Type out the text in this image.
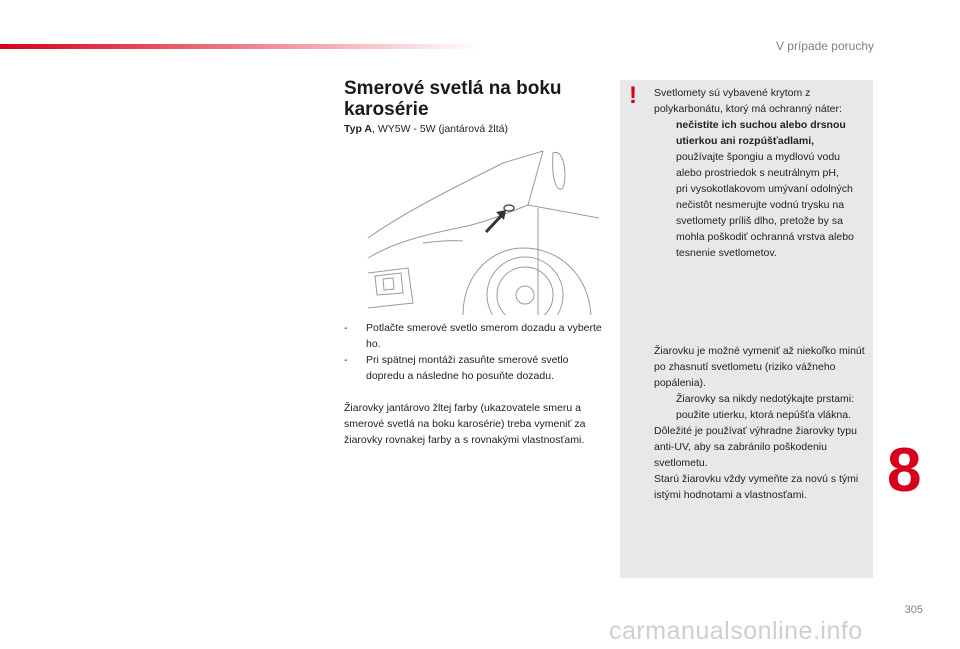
V prípade poruchy
Smerové svetlá na boku
karosérie
Typ A, WY5W - 5W (jantárová žltá)
- Potlačte smerové svetlo smerom dozadu a vyberte ho.
- Pri spätnej montáži zasuňte smerové svetlo dopredu a následne ho posuňte dozadu.
Žiarovky jantárovo žltej farby (ukazovatele smeru a smerové svetlá na boku karosérie) treba vymeniť za žiarovky rovnakej farby a s rovnakými vlastnosťami.
! Svetlomety sú vybavené krytom z polykarbonátu, ktorý má ochranný náter:
nečistite ich suchou alebo drsnou utierkou ani rozpúšťadlami,
používajte špongiu a mydlovú vodu alebo prostriedok s neutrálnym pH,
pri vysokotlakovom umývaní odolných nečistôt nesmerujte vodnú trysku na svetlomety príliš dlho, pretože by sa mohla poškodiť ochranná vrstva alebo tesnenie svetlometov.
Žiarovku je možné vymeniť až niekoľko minút po zhasnutí svetlometu (riziko vážneho popálenia).
Žiarovky sa nikdy nedotýkajte prstami: použite utierku, ktorá nepúšťa vlákna.
Dôležité je používať výhradne žiarovky typu anti-UV, aby sa zabránilo poškodeniu svetlometu.
Starú žiarovku vždy vymeňte za novú s tými istými hodnotami a vlastnosťami.	8
305
carmanualsonline.info
